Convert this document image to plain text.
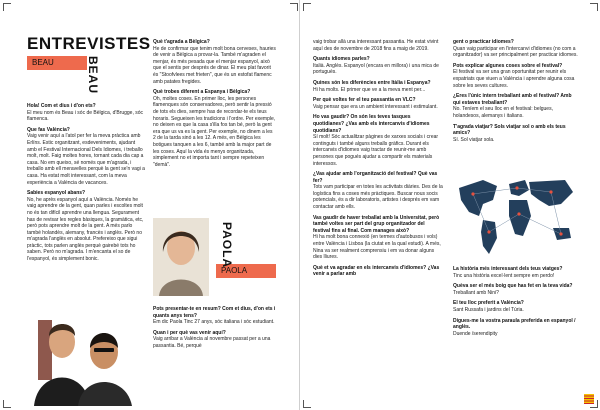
ENTREVISTES
BEAU	BEAU

Hola! Com et dius i d'on ets?

El meu nom és Beau i sóc de Bèlgica, d'Brugge, sóc flamenca.

Que fas València?

Vaig venir aquí a l'atol per fer la meva pràctica amb Erlíns. Estic organitzant, esdeveniments, ajudant amb el Festival Internacional Dels Idiomes, i treballo molt, molt. Faig moltes hores, tornant cada dia cap a casa. No em queixo, sé només que m'agrada, i treballo amb ell meravelles perquè la gent se'n vagi a casa. Ha estat molt interessant, com la meva experiència a València de vacances.

Sabies espanyol abans?

No, he après espanyol aquí a València. Només he vaig aprendre de la gent, quan parles i escoltes molt no és tan difícil aprendre una llengua. Segurament has de revisar les regles bàsiques, la gramàtica, etc, però pots aprendre molt de la gent. A més parlo també holandès, alemany, francès i anglès. Però no m'agrada l'anglès en absolut. Prefereixo que sigui pràctic, tots parlen anglès perquè gairebé tots ho saben. Però no m'agrada. I m'encanta el so de l'espanyol, és simplement bonic.

Què t'agrada a Bèlgica?

He de confirmar que tenim molt bona cerveses, hauries de venir a Bèlgica a provar-la. També m'agraden el menjar, és més pesada que el menjar espanyol, això que el sentis per després de dinar. El meu plat favorit és "Stoofvlees met frieten", que és un estofat flamenc amb patates fregides.

Què trobes diferent a Espanya i Bèlgica?

Oh, moltes coses. En primer lloc, les persones flamenques són conservadores, però sentir la pressió de tots els dies, sempre has de recordar-te els teus horaris. Segueixen les tradicions i l'ordre. Per exemple, no deixen es que la casa s'illa fos tan bé, però la gent era que us va es la gent. Per exemple, no dinem a les 2 de la tarda sinó a les 12. A més, en Bèlgica les botigues tanquen a les 6, també amb la major part de les coses. Aquí la vida és menys organitzada, simplement no et importa tant i sempre repeteixen "demà".

PAOLA
PAOLA

Pots presentar-te en resum? Com et dius, d'on ets i quants anys tens?

Em dic Paola Tinc 27 anys, sóc italiana i sóc estudiant.

Quan i per què vas venir aquí?

Vaig arribar a València al novembre passat per a una passantia. Bé, perquè

vaig trobar allà una interessant passantia. He estat vivint aquí des de novembre de 2018 fins a maig de 2019.

Quants idiomes parles?

Italià. Anglès. Espanyol (encara en millora) i una mica de portuguès.

Quines són les diferències entre Itàlia i Espanya?

Hi ha molts. El primer que ve a la meva ment per...

Per què voltes fer el teu passantia en VLC?

Vaig pensar que era un ambient interessant i estimulant.

Ho vas gaudir? On són les teves tasques quotidianes? ¿Vas amb els intercanvis d'idiomes quotidians?

Sí molt! Sóc actualitzar pàgines de xarxes socials i crear continguts i també alguns treballs gràfics. Durant els intercanvis d'idiomes vaig tractar de reunir-me amb persones que pogués ajudar a compartir els materials interessos.

¿Vas ajudar amb l'organització del festival? Què vas fer?

Tots vam participar en totes les activitats diàries. Des de la logística fins a coses més pràctiques. Buscar nous socis potencials, és a dir laboratoris, artistes i després em vam contactar amb ells.

Vas gaudir de haver treballat amb la Universitat, però també voltes ser part del grup organitzador del festival fins al final. Com manages això?

Hi ha molt bona connexió (en termes d'autobusos i vols) entre València i Lisboa (la ciutat en la qual estudi). A més, Nina va ser realment comprensiu i em va donar alguns dies lliures.

Què et va agradar en els intercanvis d'idiomes? ¿Vas venir a parlar amb

gent o practicar idiomes?

Quan vaig participar en l'intercanvi d'idiomes (no com a organitzador) va ser principalment per practicar idiomes.

Pots explicar algunes coses sobre el festival?

El festival va ser una gran oportunitat per reunir els expatriats que viuen a València i aprendre alguna cosa sobre les seves cultures.

¿Eres l'únic intern treballant amb el festival? Amb qui estaves treballant?

No. Teníem el seu lloc en el festival: belgues, holandesos, alemanys i italians.

T'agrada viatjar? Sols viatjar sol o amb els teus amics?

Sí. Sol viatjar sola.

La història més interessant dels teus viatges?

Tinc una història excel·lent sempre em perdo!

Quèva ser el més boig que has fet en la teva vida?

Treballant amb Nini?

El teu lloc preferit a València?

Sant Russafa i jardins del Túria.

Digues-me la vostra paraula preferida en espanyol / anglès.

Duende /serendipity
